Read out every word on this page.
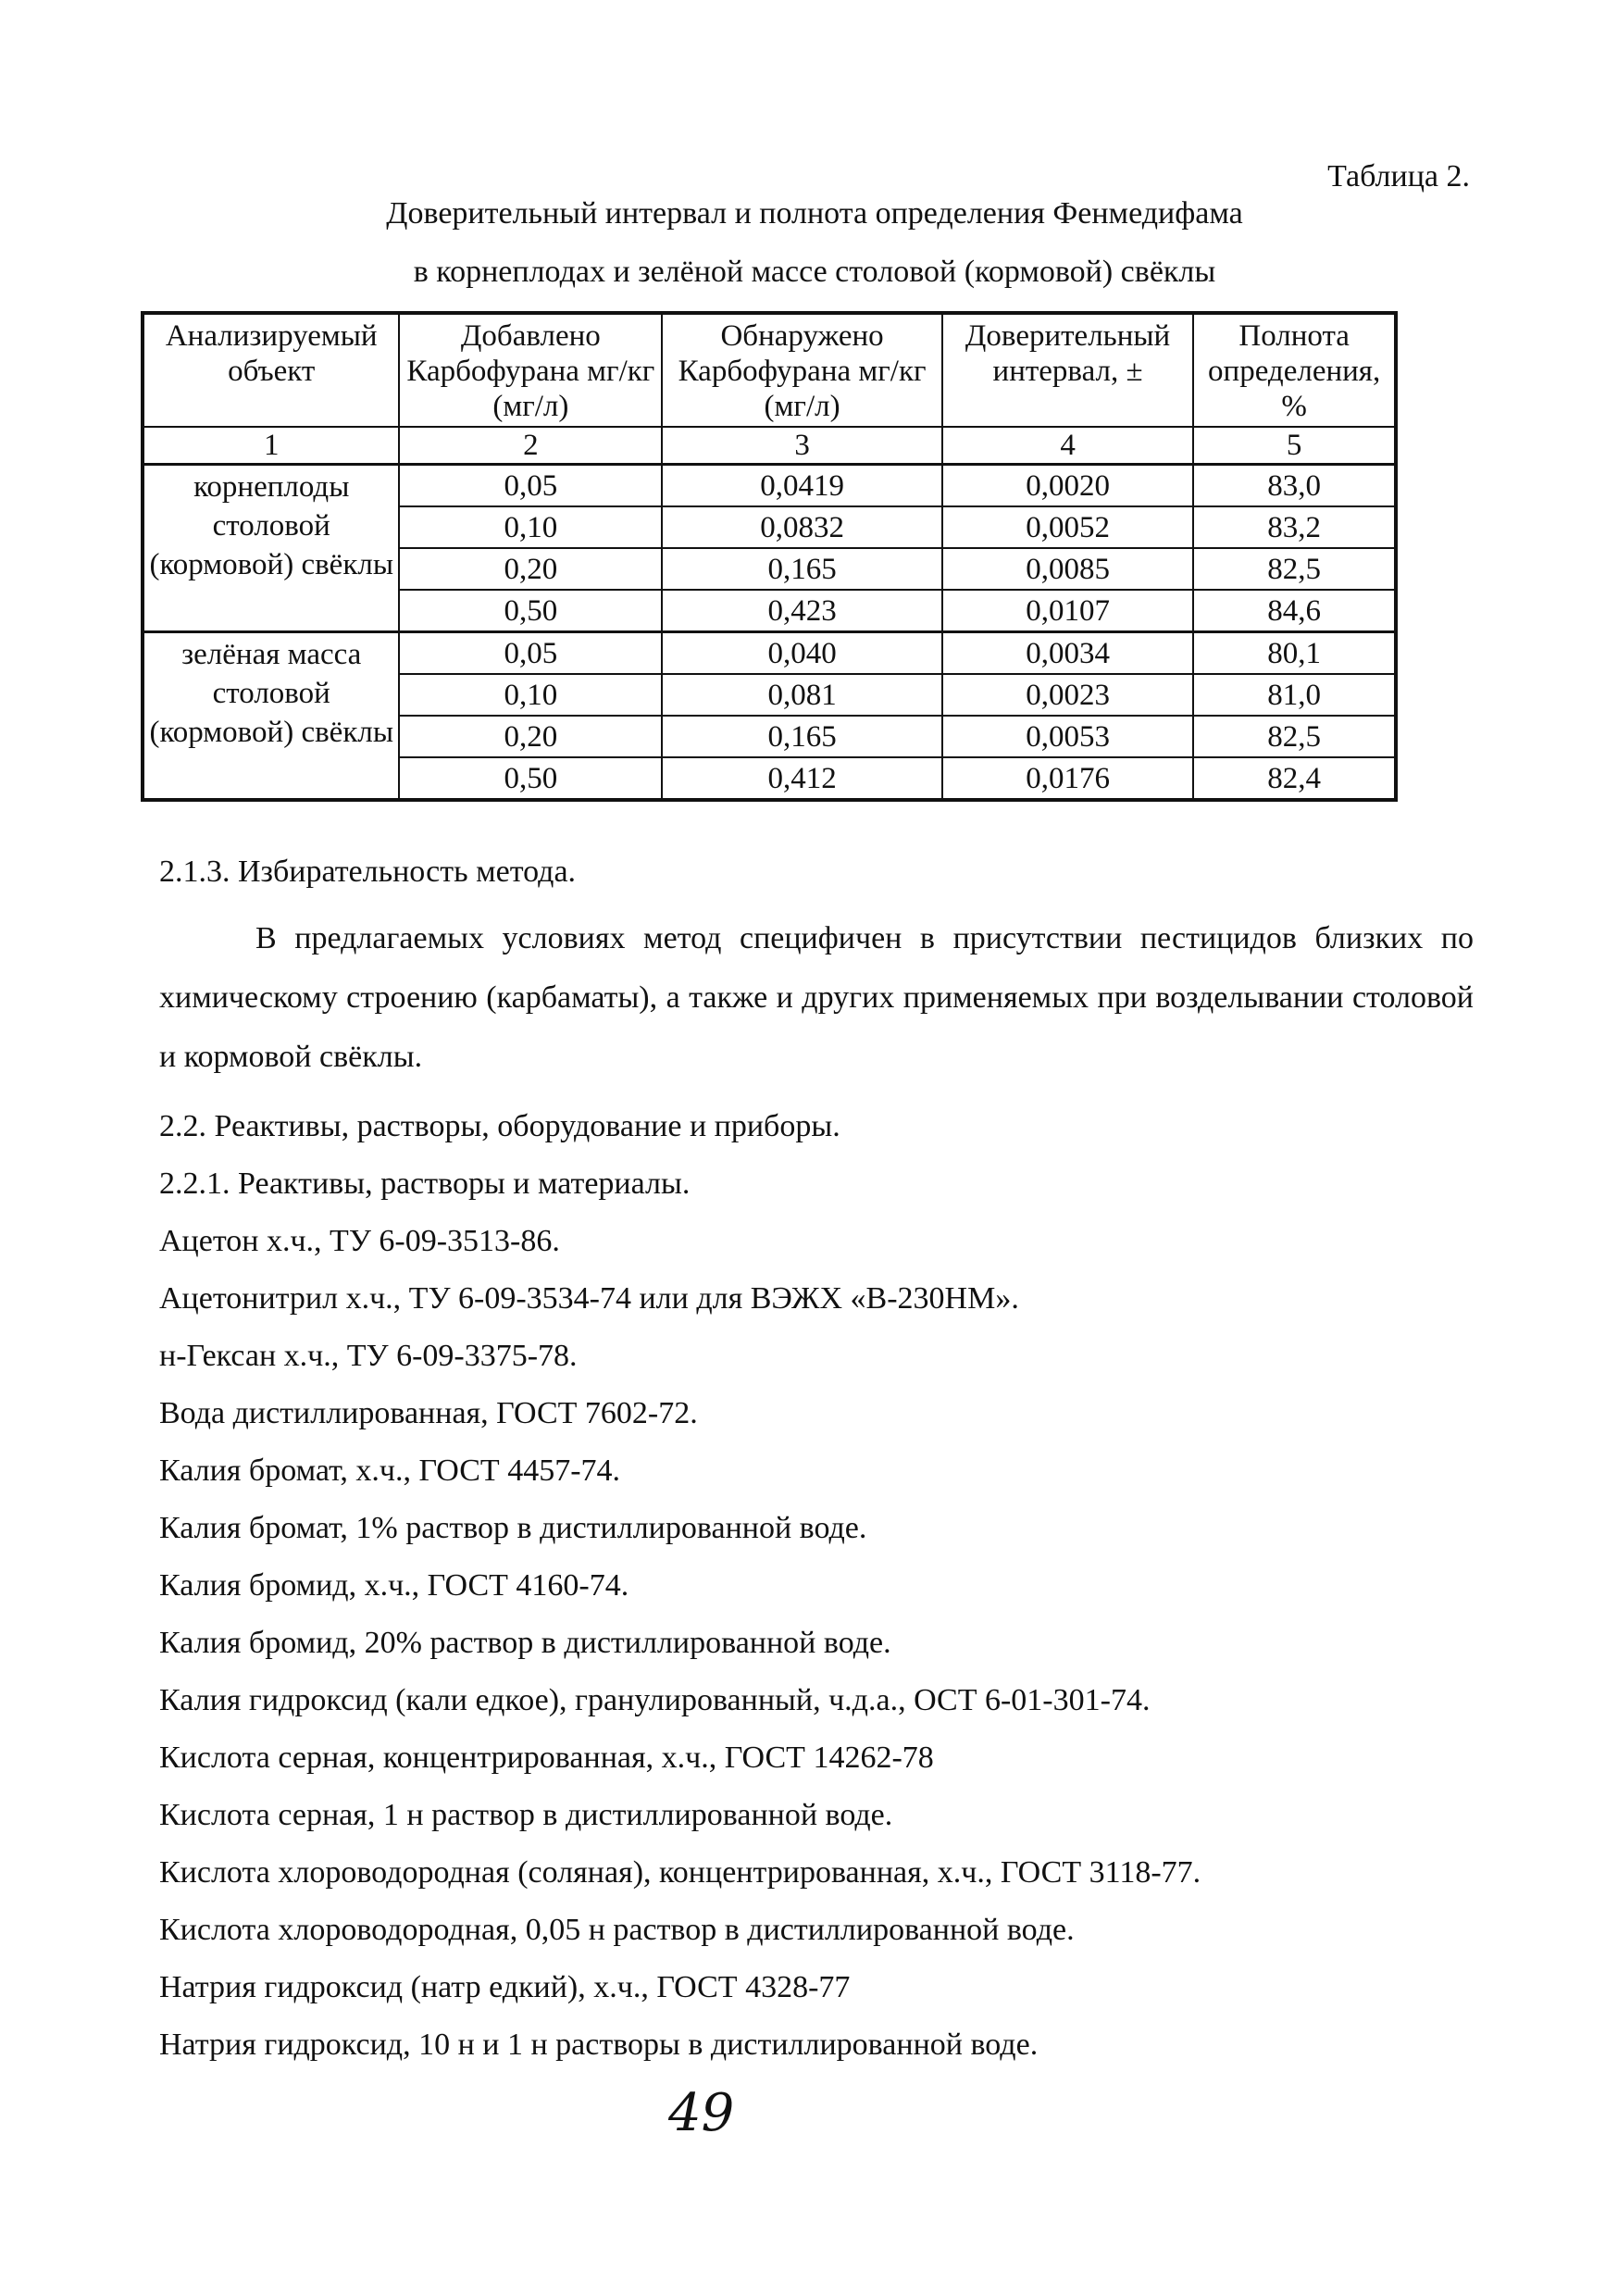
Таблица 2.
Доверительный интервал и полнота определения Фенмедифама
в корнеплодах и зелёной массе столовой (кормовой) свёклы
Анализируемый объект	Добавлено Карбофурана мг/кг (мг/л)	Обнаружено Карбофурана мг/кг (мг/л)	Доверительный интервал, ±	Полнота определения, %
1	2	3	4	5
корнеплоды столовой (кормовой) свёклы	0,05	0,0419	0,0020	83,0
	0,10	0,0832	0,0052	83,2
	0,20	0,165	0,0085	82,5
	0,50	0,423	0,0107	84,6
зелёная масса столовой (кормовой) свёклы	0,05	0,040	0,0034	80,1
	0,10	0,081	0,0023	81,0
	0,20	0,165	0,0053	82,5
	0,50	0,412	0,0176	82,4
2.1.3. Избирательность метода.
В предлагаемых условиях метод специфичен в присутствии пестицидов близких по химическому строению (карбаматы), а также и других применяемых при возделывании столовой и кормовой свёклы.
2.2. Реактивы, растворы, оборудование и приборы.
2.2.1. Реактивы, растворы и материалы.
Ацетон х.ч., ТУ 6-09-3513-86.
Ацетонитрил х.ч., ТУ 6-09-3534-74 или для ВЭЖХ «В-230НМ».
н-Гексан х.ч., ТУ 6-09-3375-78.
Вода дистиллированная, ГОСТ 7602-72.
Калия бромат, х.ч., ГОСТ 4457-74.
Калия бромат, 1% раствор в дистиллированной воде.
Калия бромид, х.ч., ГОСТ 4160-74.
Калия бромид, 20% раствор в дистиллированной воде.
Калия гидроксид (кали едкое), гранулированный, ч.д.а., ОСТ 6-01-301-74.
Кислота серная, концентрированная, х.ч., ГОСТ 14262-78
Кислота серная, 1 н раствор в дистиллированной воде.
Кислота хлороводородная (соляная), концентрированная, х.ч., ГОСТ 3118-77.
Кислота хлороводородная, 0,05 н раствор в дистиллированной воде.
Натрия гидроксид (натр едкий), х.ч., ГОСТ 4328-77
Натрия гидроксид, 10 н и 1 н растворы в дистиллированной воде.
49
